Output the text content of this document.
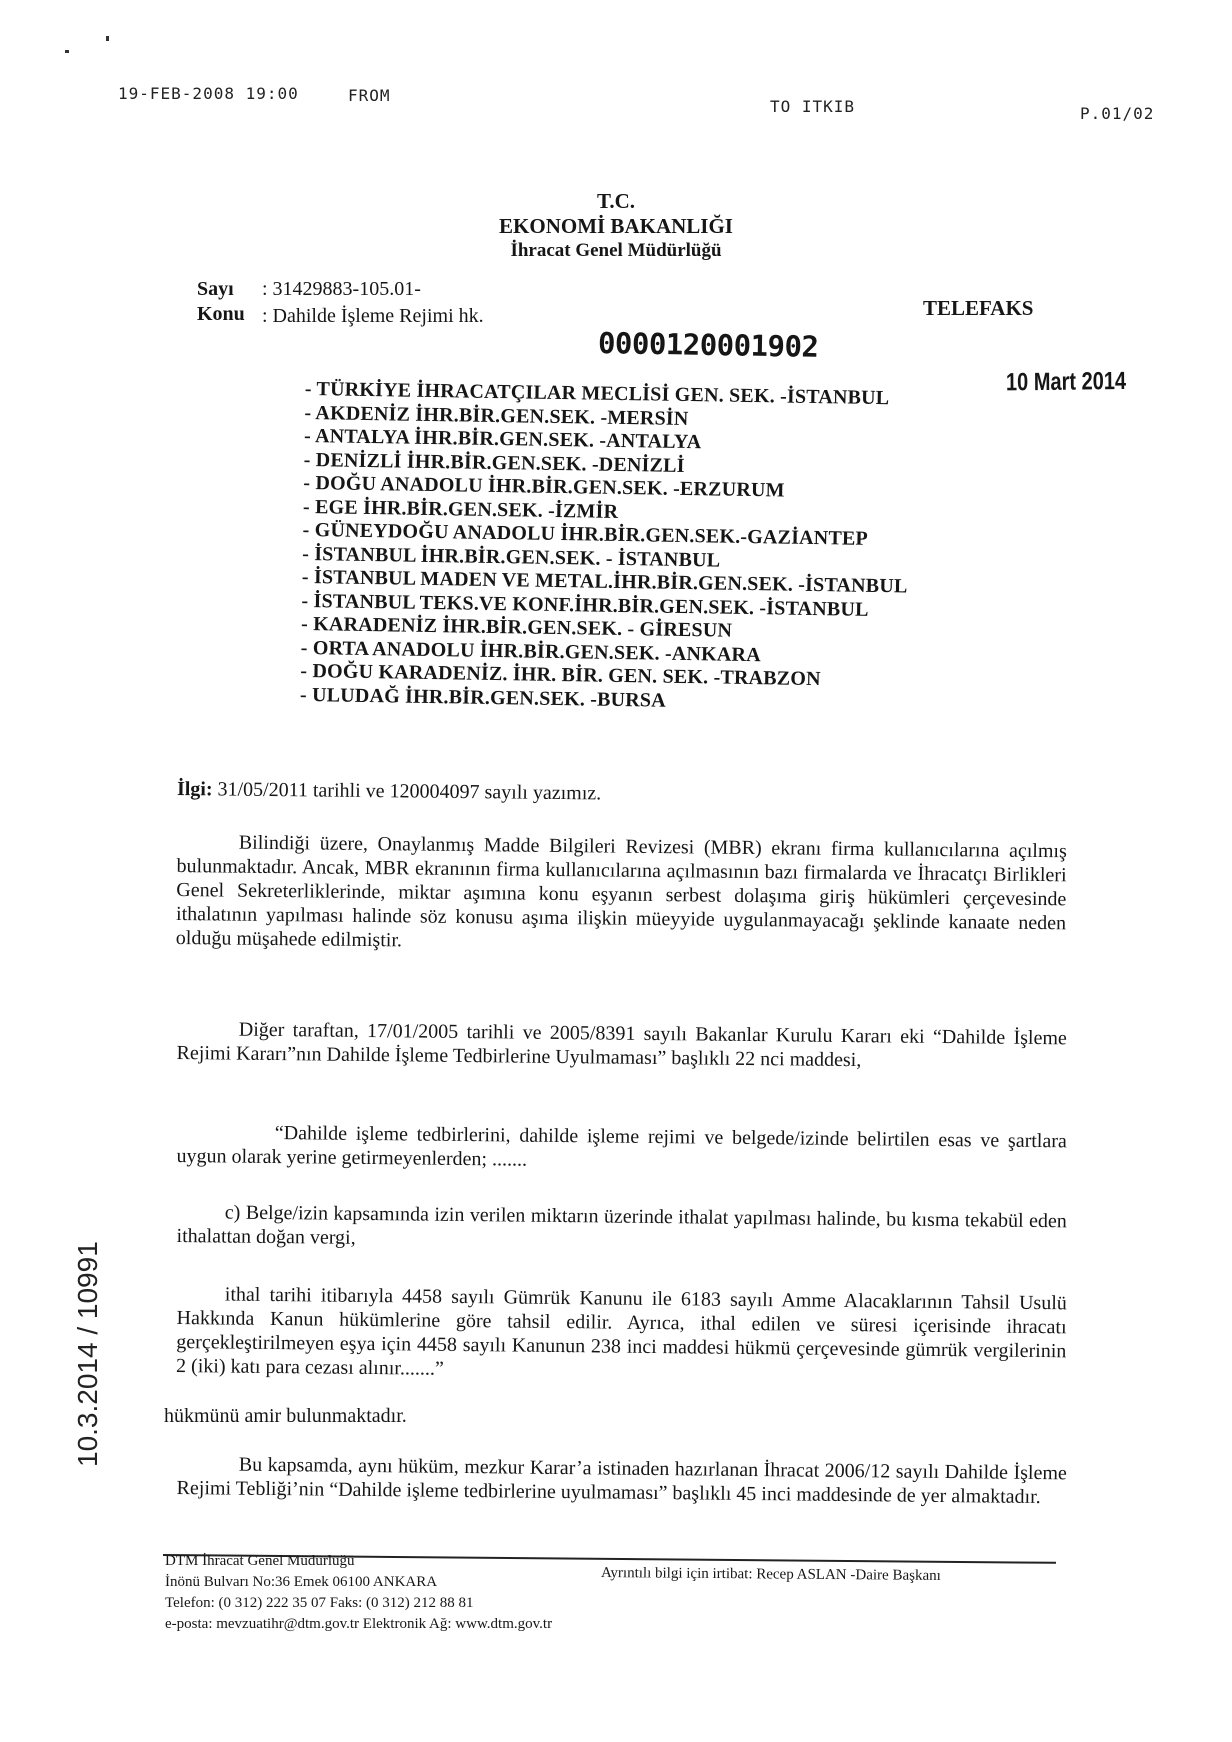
19-FEB-2008 19:00	FROM
TO ITKIB	P.01/02
T.C.
EKONOMİ BAKANLIĞI
İhracat Genel Müdürlüğü
Sayı : 31429883-105.01-
Konu : Dahilde İşleme Rejimi hk.	TELEFAKS
0000120001902
10 Mart 2014
- TÜRKİYE İHRACATÇILAR MECLİSİ GEN. SEK. -İSTANBUL
- AKDENİZ İHR.BİR.GEN.SEK. -MERSİN
- ANTALYA İHR.BİR.GEN.SEK. -ANTALYA
- DENİZLİ İHR.BİR.GEN.SEK. -DENİZLİ
- DOĞU ANADOLU İHR.BİR.GEN.SEK. -ERZURUM
- EGE İHR.BİR.GEN.SEK. -İZMİR
- GÜNEYDOĞU ANADOLU İHR.BİR.GEN.SEK.-GAZİANTEP
- İSTANBUL İHR.BİR.GEN.SEK. - İSTANBUL
- İSTANBUL MADEN VE METAL.İHR.BİR.GEN.SEK. -İSTANBUL
- İSTANBUL TEKS.VE KONF.İHR.BİR.GEN.SEK. -İSTANBUL
- KARADENİZ İHR.BİR.GEN.SEK. - GİRESUN
- ORTA ANADOLU İHR.BİR.GEN.SEK. -ANKARA
- DOĞU KARADENİZ. İHR. BİR. GEN. SEK. -TRABZON
- ULUDAĞ İHR.BİR.GEN.SEK. -BURSA
İlgi: 31/05/2011 tarihli ve 120004097 sayılı yazımız.
Bilindiği üzere, Onaylanmış Madde Bilgileri Revizesi (MBR) ekranı firma kullanıcılarına açılmış bulunmaktadır. Ancak, MBR ekranının firma kullanıcılarına açılmasının bazı firmalarda ve İhracatçı Birlikleri Genel Sekreterliklerinde, miktar aşımına konu eşyanın serbest dolaşıma giriş hükümleri çerçevesinde ithalatının yapılması halinde söz konusu aşıma ilişkin müeyyide uygulanmayacağı şeklinde kanaate neden olduğu müşahede edilmiştir.
Diğer taraftan, 17/01/2005 tarihli ve 2005/8391 sayılı Bakanlar Kurulu Kararı eki “Dahilde İşleme Rejimi Kararı”nın Dahilde İşleme Tedbirlerine Uyulmaması” başlıklı 22 nci maddesi,
“Dahilde işleme tedbirlerini, dahilde işleme rejimi ve belgede/izinde belirtilen esas ve şartlara uygun olarak yerine getirmeyenlerden; .......
c) Belge/izin kapsamında izin verilen miktarın üzerinde ithalat yapılması halinde, bu kısma tekabül eden ithalattan doğan vergi,
ithal tarihi itibarıyla 4458 sayılı Gümrük Kanunu ile 6183 sayılı Amme Alacaklarının Tahsil Usulü Hakkında Kanun hükümlerine göre tahsil edilir. Ayrıca, ithal edilen ve süresi içerisinde ihracatı gerçekleştirilmeyen eşya için 4458 sayılı Kanunun 238 inci maddesi hükmü çerçevesinde gümrük vergilerinin 2 (iki) katı para cezası alınır.......”
hükmünü amir bulunmaktadır.
Bu kapsamda, aynı hüküm, mezkur Karar’a istinaden hazırlanan İhracat 2006/12 sayılı Dahilde İşleme Rejimi Tebliği’nin “Dahilde işleme tedbirlerine uyulmaması” başlıklı 45 inci maddesinde de yer almaktadır.
DTM İhracat Genel Müdürlüğü
İnönü Bulvarı No:36 Emek 06100 ANKARA
Telefon: (0 312) 222 35 07 Faks: (0 312) 212 88 81
e-posta: mevzuatihr@dtm.gov.tr Elektronik Ağ: www.dtm.gov.tr
Ayrıntılı bilgi için irtibat: Recep ASLAN -Daire Başkanı
10.3.2014 / 10991
